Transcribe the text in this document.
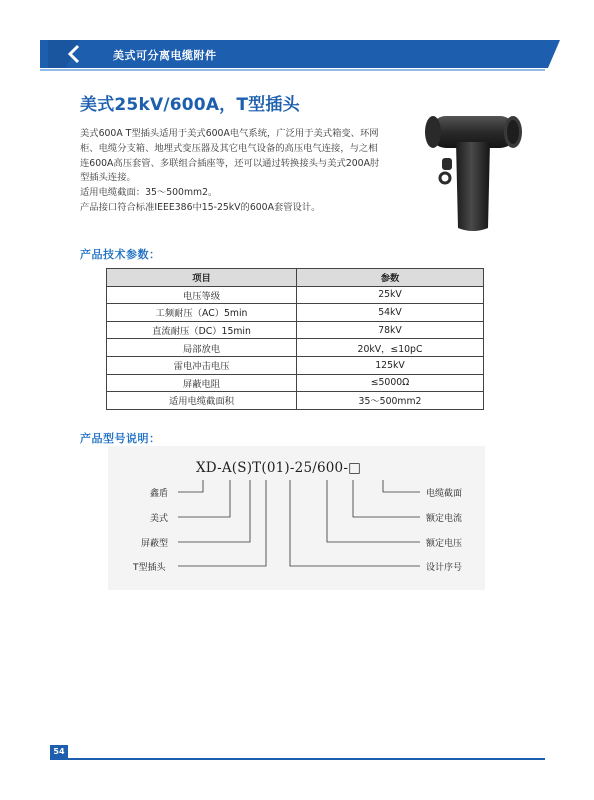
美式可分离电缆附件
美式25kV/600A，T型插头

美式600A T型插头适用于美式600A电气系统，广泛用于美式箱变、环网

柜、电缆分支箱、地埋式变压器及其它电气设备的高压电气连接，与之相

连600A高压套管、多联组合插座等，还可以通过转换接头与美式200A肘

型插头连接。

适用电缆截面：35～500mm2。

产品接口符合标准IEEE386中15-25kV的600A套管设计。

产品技术参数：
项目	参数
电压等级	25kV
工频耐压（AC）5min	54kV
直流耐压（DC）15min	78kV
局部放电	20kV，≤10pC
雷电冲击电压	125kV
屏蔽电阻	≤5000Ω
适用电缆截面积	35～500mm2
产品型号说明：
XD-A(S)T(01)-25/600-□
鑫盾
美式
屏蔽型
T型插头
电缆截面
额定电流
额定电压
设计序号
54
